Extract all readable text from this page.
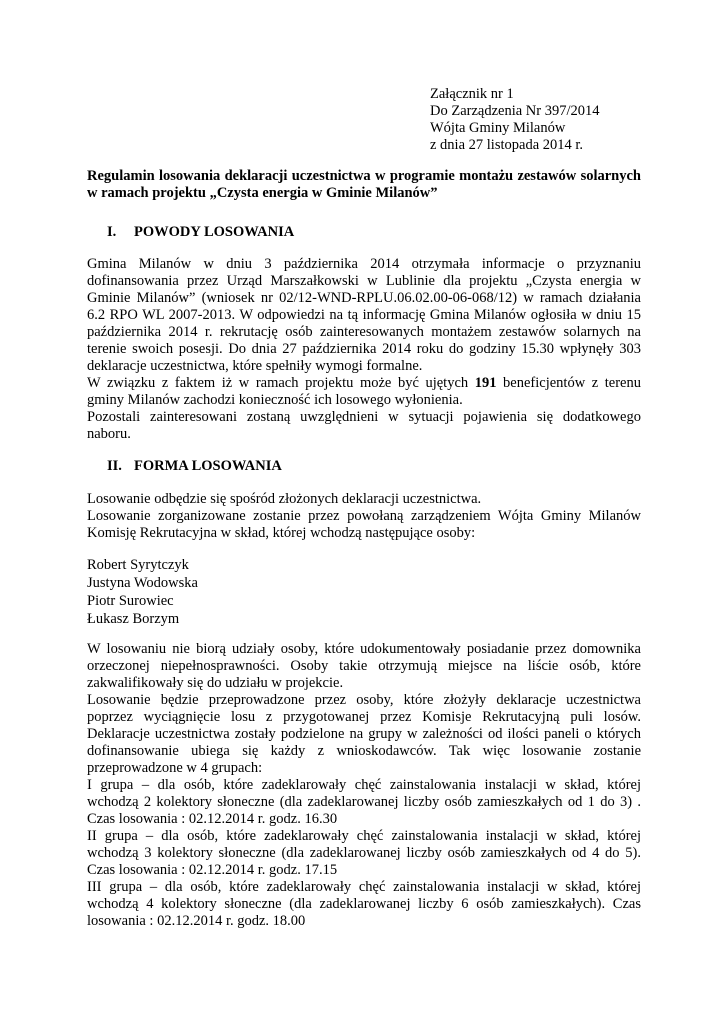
Załącznik nr 1
Do Zarządzenia Nr 397/2014
Wójta Gminy Milanów
z dnia 27 listopada 2014 r.
Regulamin losowania deklaracji uczestnictwa w programie montażu zestawów solarnych w ramach projektu „Czysta energia w Gminie Milanów”
I. POWODY LOSOWANIA
Gmina Milanów w dniu 3 października 2014 otrzymała informacje o przyznaniu
dofinansowania przez Urząd Marszałkowski w Lublinie dla projektu „Czysta energia w
Gminie Milanów” (wniosek nr 02/12-WND-RPLU.06.02.00-06-068/12) w ramach działania
6.2 RPO WL 2007-2013. W odpowiedzi na tą informację Gmina Milanów ogłosiła w dniu 15
października 2014 r. rekrutację osób zainteresowanych montażem zestawów solarnych na
terenie swoich posesji. Do dnia 27 października 2014 roku do godziny 15.30 wpłynęły 303
deklaracje uczestnictwa, które spełniły wymogi formalne.
W związku z faktem iż w ramach projektu może być ujętych 191 beneficjentów z terenu
gminy Milanów zachodzi konieczność ich losowego wyłonienia.
Pozostali zainteresowani zostaną uwzględnieni w sytuacji pojawienia się dodatkowego
naboru.
II. FORMA LOSOWANIA
Losowanie odbędzie się spośród złożonych deklaracji uczestnictwa.
Losowanie zorganizowane zostanie przez powołaną zarządzeniem Wójta Gminy Milanów
Komisję Rekrutacyjna w skład, której wchodzą następujące osoby:
Robert Syrytczyk
Justyna Wodowska
Piotr Surowiec
Łukasz Borzym
W losowaniu nie biorą udziały osoby, które udokumentowały posiadanie przez domownika
orzeczonej niepełnosprawności. Osoby takie otrzymują miejsce na liście osób, które
zakwalifikowały się do udziału w projekcie.
Losowanie będzie przeprowadzone przez osoby, które złożyły deklaracje uczestnictwa
poprzez wyciągnięcie losu z przygotowanej przez Komisje Rekrutacyjną puli losów.
Deklaracje uczestnictwa zostały podzielone na grupy w zależności od ilości paneli o których
dofinansowanie ubiega się każdy z wnioskodawców. Tak więc losowanie zostanie
przeprowadzone w 4 grupach:
I grupa – dla osób, które zadeklarowały chęć zainstalowania instalacji w skład, której
wchodzą 2 kolektory słoneczne (dla zadeklarowanej liczby osób zamieszkałych od 1 do 3) .
Czas losowania : 02.12.2014 r. godz. 16.30
II grupa – dla osób, które zadeklarowały chęć zainstalowania instalacji w skład, której
wchodzą 3 kolektory słoneczne (dla zadeklarowanej liczby osób zamieszkałych od 4 do 5).
Czas losowania : 02.12.2014 r. godz. 17.15
III grupa – dla osób, które zadeklarowały chęć zainstalowania instalacji w skład, której
wchodzą 4 kolektory słoneczne (dla zadeklarowanej liczby 6 osób zamieszkałych). Czas
losowania : 02.12.2014 r. godz. 18.00
